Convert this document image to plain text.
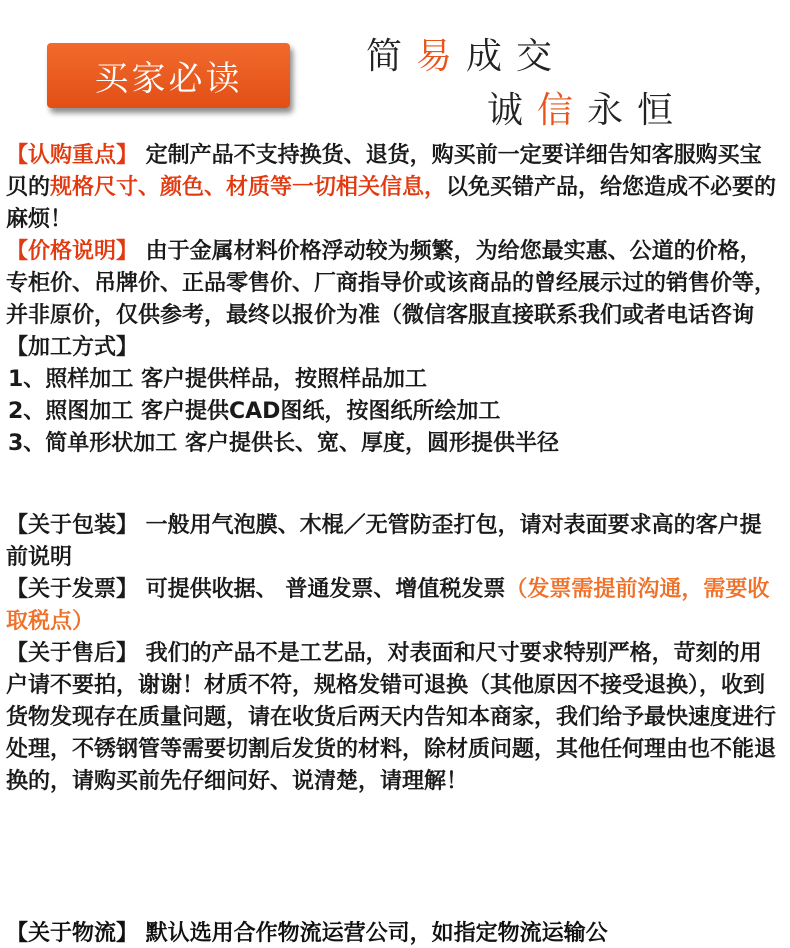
买家必读
简易成交
诚信永恒

【认购重点】 定制产品不支持换货、退货，购买前一定要详细告知客服购买宝贝的规格尺寸、颜色、材质等一切相关信息，以免买错产品，给您造成不必要的麻烦！

【价格说明】 由于金属材料价格浮动较为频繁，为给您最实惠、公道的价格，专柜价、吊牌价、正品零售价、厂商指导价或该商品的曾经展示过的销售价等，并非原价，仅供参考，最终以报价为准（微信客服直接联系我们或者电话咨询

【加工方式】

1、照样加工 客户提供样品，按照样品加工

2、照图加工 客户提供CAD图纸，按图纸所绘加工

3、简单形状加工 客户提供长、宽、厚度，圆形提供半径

【关于包装】 一般用气泡膜、木棍／无管防歪打包，请对表面要求高的客户提前说明

【关于发票】 可提供收据、 普通发票、增值税发票（发票需提前沟通，需要收取税点）

【关于售后】 我们的产品不是工艺品，对表面和尺寸要求特别严格，苛刻的用户请不要拍，谢谢！材质不符，规格发错可退换（其他原因不接受退换），收到货物发现存在质量问题，请在收货后两天内告知本商家，我们给予最快速度进行处理，不锈钢管等需要切割后发货的材料，除材质问题，其他任何理由也不能退换的，请购买前先仔细问好、说清楚，请理解！

【关于物流】 默认选用合作物流运营公司，如指定物流运输公
